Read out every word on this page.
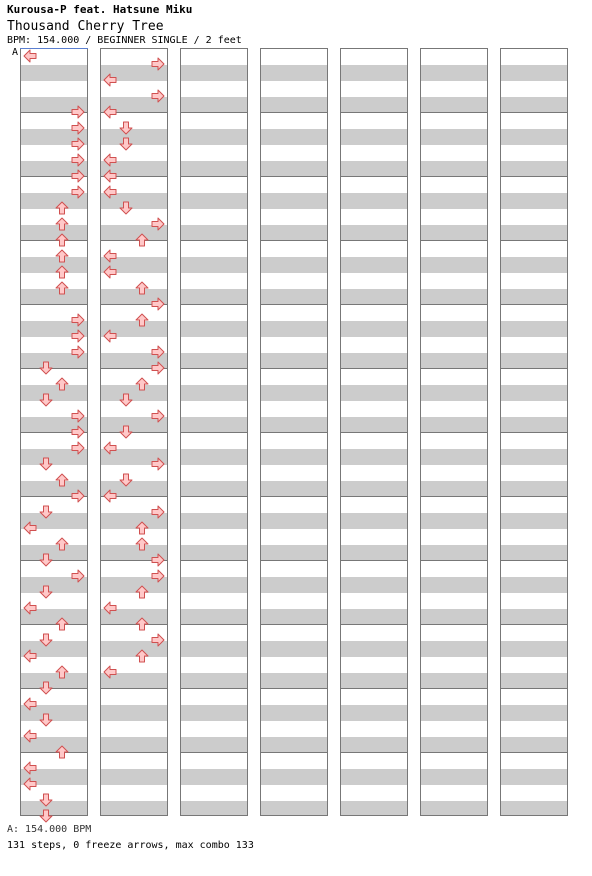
Kurousa-P feat. Hatsune Miku
Thousand Cherry Tree
BPM: 154.000 / BEGINNER SINGLE / 2 feet
A
A: 154.000 BPM
131 steps, 0 freeze arrows, max combo 133
